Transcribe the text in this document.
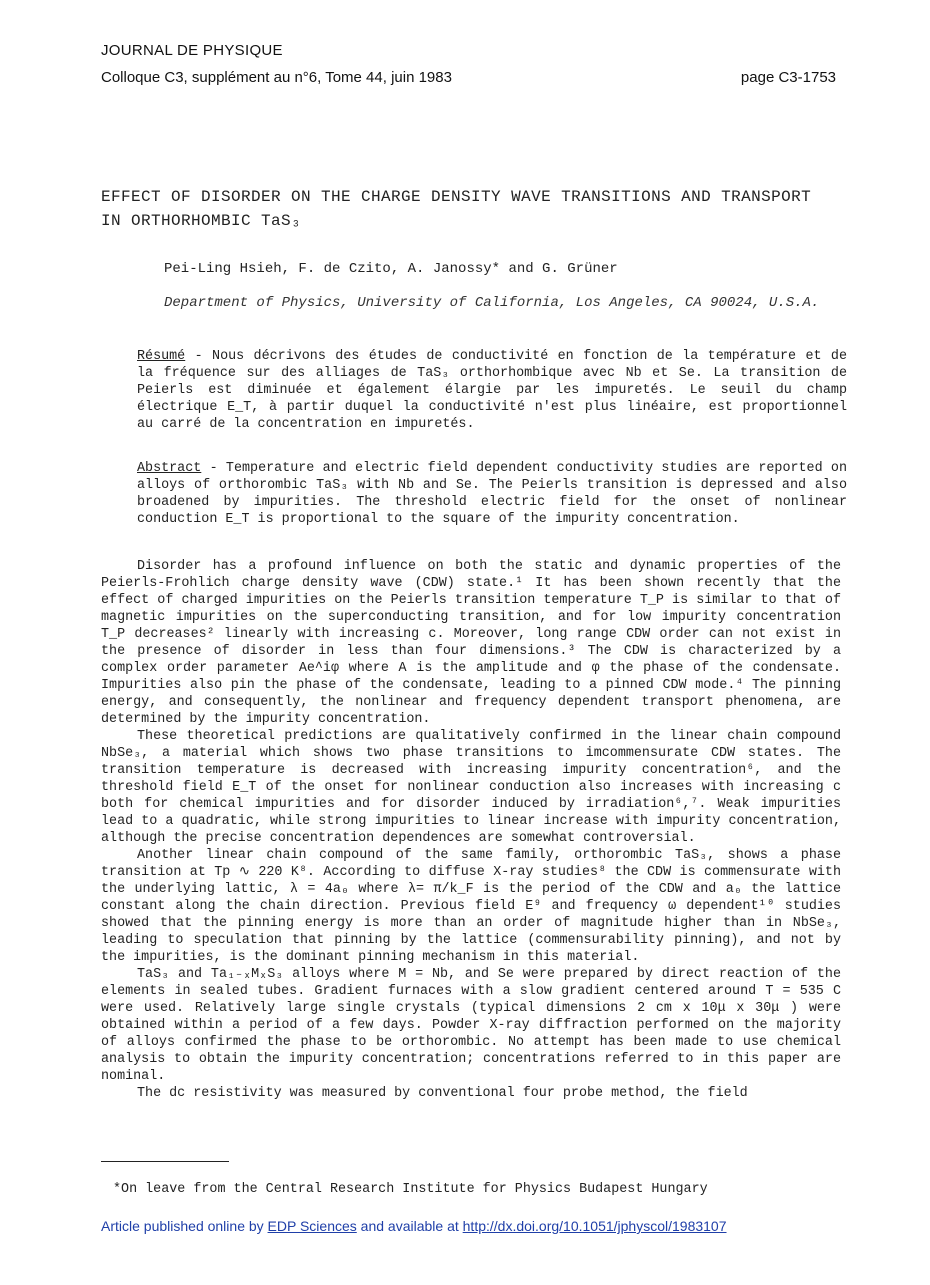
JOURNAL DE PHYSIQUE
Colloque C3, supplément au n°6, Tome 44, juin 1983	page C3-1753
EFFECT OF DISORDER ON THE CHARGE DENSITY WAVE TRANSITIONS AND TRANSPORT
IN ORTHORHOMBIC TaS₃
Pei-Ling Hsieh, F. de Czito, A. Janossy* and G. Grüner
Department of Physics, University of California, Los Angeles, CA 90024, U.S.A.
Résumé - Nous décrivons des études de conductivité en fonction de la température et de la fréquence sur des alliages de TaS₃ orthorhombique avec Nb et Se. La transition de Peierls est diminuée et également élargie par les impuretés. Le seuil du champ électrique E_T, à partir duquel la conductivité n'est plus linéaire, est proportionnel au carré de la concentration en impuretés.
Abstract - Temperature and electric field dependent conductivity studies are reported on alloys of orthorombic TaS₃ with Nb and Se. The Peierls transition is depressed and also broadened by impurities. The threshold electric field for the onset of nonlinear conduction E_T is proportional to the square of the impurity concentration.

Disorder has a profound influence on both the static and dynamic properties of the Peierls-Frohlich charge density wave (CDW) state.¹ It has been shown recently that the effect of charged impurities on the Peierls transition temperature T_P is similar to that of magnetic impurities on the superconducting transition, and for low impurity concentration T_P decreases² linearly with increasing c. Moreover, long range CDW order can not exist in the presence of disorder in less than four dimensions.³ The CDW is characterized by a complex order parameter Ae^iφ where A is the amplitude and φ the phase of the condensate. Impurities also pin the phase of the condensate, leading to a pinned CDW mode.⁴ The pinning energy, and consequently, the nonlinear and frequency dependent transport phenomena, are determined by the impurity concentration.

These theoretical predictions are qualitatively confirmed in the linear chain compound NbSe₃, a material which shows two phase transitions to imcommensurate CDW states. The transition temperature is decreased with increasing impurity concentration⁶, and the threshold field E_T of the onset for nonlinear conduction also increases with increasing c both for chemical impurities and for disorder induced by irradiation⁶,⁷. Weak impurities lead to a quadratic, while strong impurities to linear increase with impurity concentration, although the precise concentration dependences are somewhat controversial.

Another linear chain compound of the same family, orthorombic TaS₃, shows a phase transition at Tp ∿ 220 K⁸. According to diffuse X-ray studies⁸ the CDW is commensurate with the underlying lattic, λ = 4a₀ where λ= π/k_F is the period of the CDW and a₀ the lattice constant along the chain direction. Previous field E⁹ and frequency ω dependent¹⁰ studies showed that the pinning energy is more than an order of magnitude higher than in NbSe₃, leading to speculation that pinning by the lattice (commensurability pinning), and not by the impurities, is the dominant pinning mechanism in this material.

TaS₃ and Ta₁₋ₓMₓS₃ alloys where M = Nb, and Se were prepared by direct reaction of the elements in sealed tubes. Gradient furnaces with a slow gradient centered around T = 535 C were used. Relatively large single crystals (typical dimensions 2 cm x 10μ x 30μ ) were obtained within a period of a few days. Powder X-ray diffraction performed on the majority of alloys confirmed the phase to be orthorombic. No attempt has been made to use chemical analysis to obtain the impurity concentration; concentrations referred to in this paper are nominal.

The dc resistivity was measured by conventional four probe method, the field

*On leave from the Central Research Institute for Physics Budapest Hungary
Article published online by EDP Sciences and available at http://dx.doi.org/10.1051/jphyscol/1983107
